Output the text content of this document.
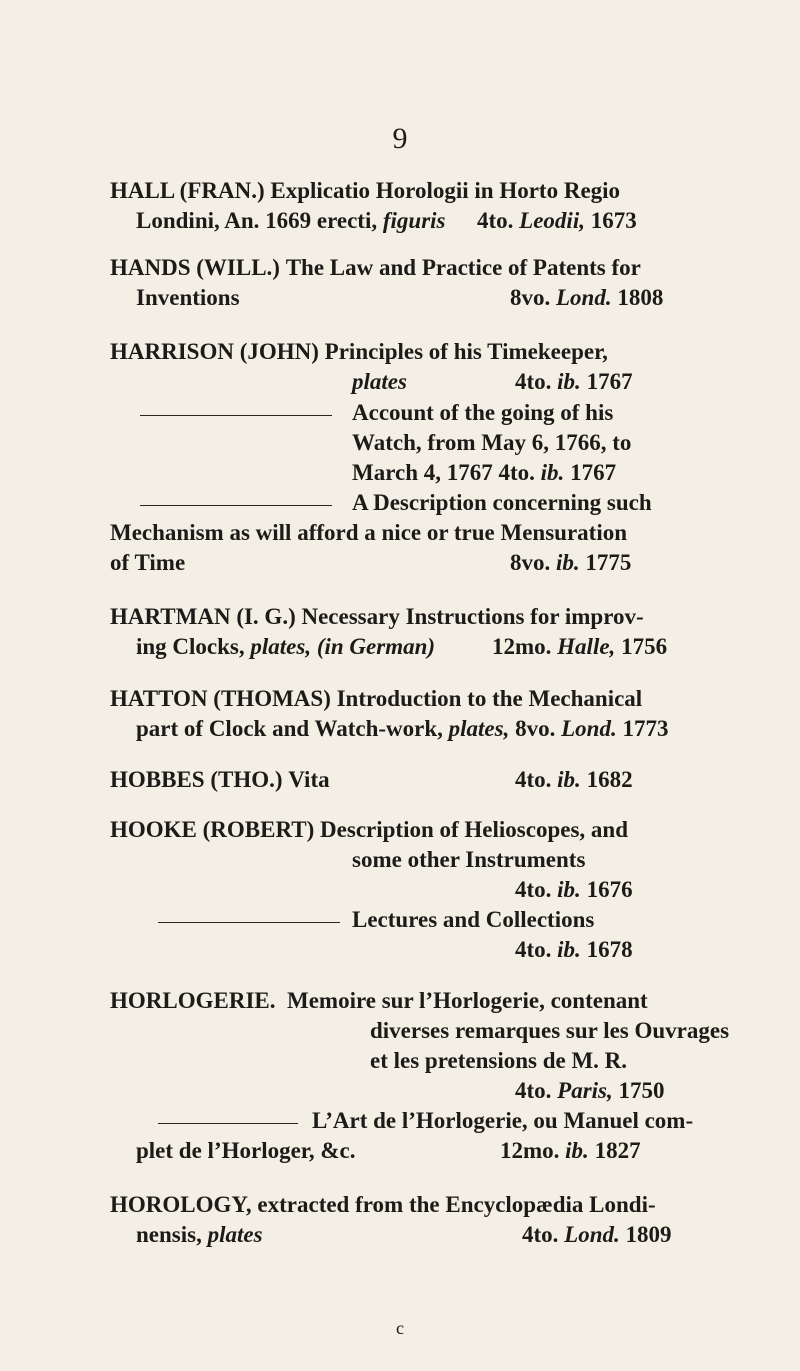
9
HALL (FRAN.) Explicatio Horologii in Horto Regio
Londini, An. 1669 erecti, figuris 4to. Leodii, 1673
HANDS (WILL.) The Law and Practice of Patents for
Inventions	8vo. Lond. 1808
HARRISON (JOHN) Principles of his Timekeeper,
plates	4to. ib. 1767
Account of the going of his
Watch, from May 6, 1766, to
March 4, 1767 4to. ib. 1767
A Description concerning such
Mechanism as will afford a nice or true Mensuration
of Time	8vo. ib. 1775
HARTMAN (I. G.) Necessary Instructions for improv-
ing Clocks, plates, (in German) 12mo. Halle, 1756
HATTON (THOMAS) Introduction to the Mechanical
part of Clock and Watch-work, plates, 8vo. Lond. 1773
HOBBES (THO.) Vita	4to. ib. 1682
HOOKE (ROBERT) Description of Helioscopes, and
some other Instruments
4to. ib. 1676
Lectures and Collections
4to. ib. 1678
HORLOGERIE. Memoire sur l’Horlogerie, contenant
diverses remarques sur les Ouvrages
et les pretensions de M. R.
4to. Paris, 1750
L’Art de l’Horlogerie, ou Manuel com-
plet de l’Horloger, &c.	12mo. ib. 1827
HOROLOGY, extracted from the Encyclopædia Londi-
nensis, plates	4to. Lond. 1809
c
